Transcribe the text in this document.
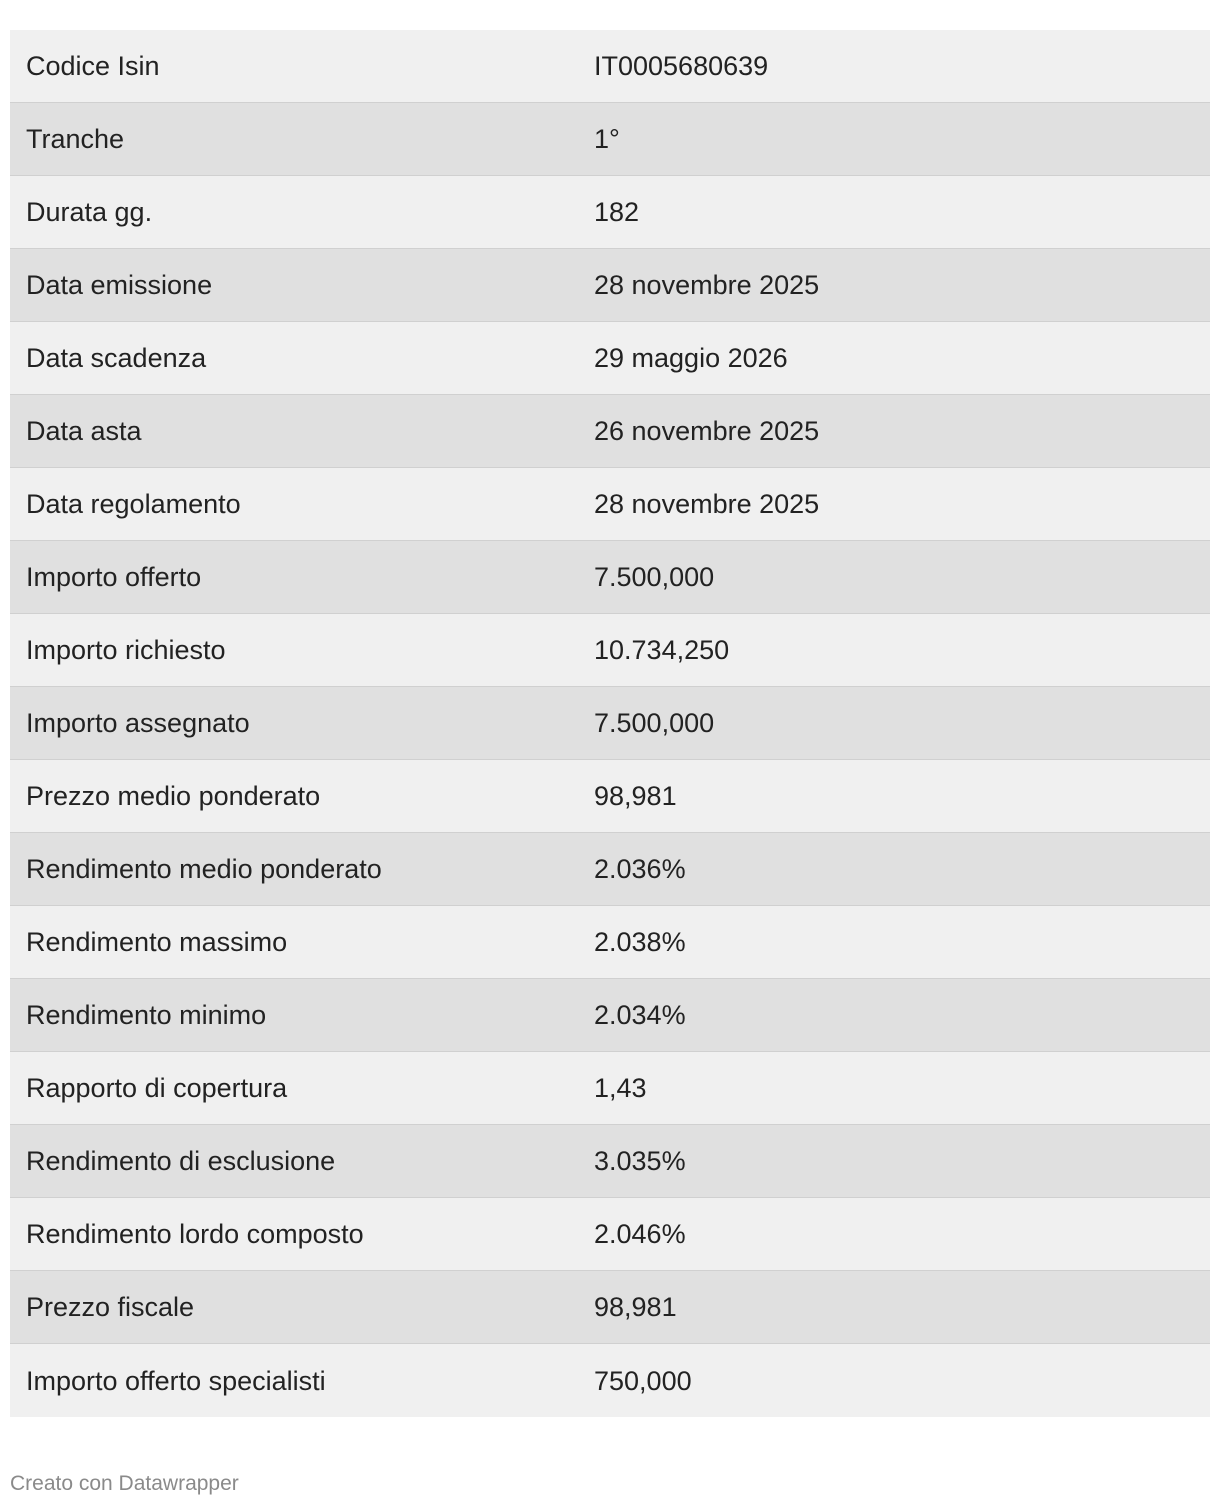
Codice Isin	IT0005680639
Tranche	1°
Durata gg.	182
Data emissione	28 novembre 2025
Data scadenza	29 maggio 2026
Data asta	26 novembre 2025
Data regolamento	28 novembre 2025
Importo offerto	7.500,000
Importo richiesto	10.734,250
Importo assegnato	7.500,000
Prezzo medio ponderato	98,981
Rendimento medio ponderato	2.036%
Rendimento massimo	2.038%
Rendimento minimo	2.034%
Rapporto di copertura	1,43
Rendimento di esclusione	3.035%
Rendimento lordo composto	2.046%
Prezzo fiscale	98,981
Importo offerto specialisti	750,000
Creato con Datawrapper
